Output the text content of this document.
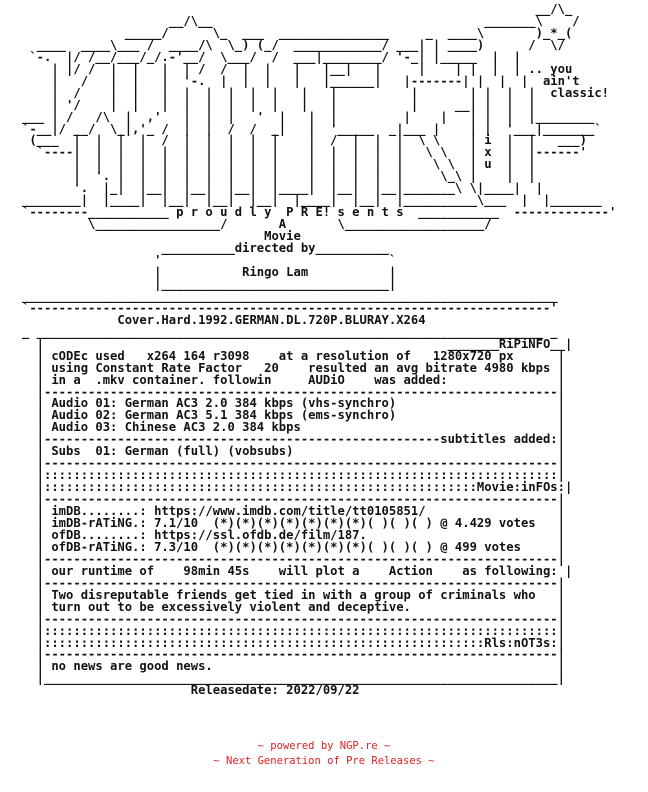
__/\_
__/\__                                     _______\    /
_____/      \_  ___  _______________     _  ____\       )_*_(
____  ____\___ /  ____/\  \_) (_/  ____________/ ___| | ____)      /  \/
`-.  |/ /__/___/_/.-'__/  \___/  /  ___|________/ '-_| |_____  |  |
| |/ /  |  |   |  | /  /  |  |   |   |__|   |     |    | |  |  | .. you
|   /   |  |   |  '-.  |  |  |   |   |______|   |-------| |  |  |  ain't
|  /    |  |   |  |  |  |  |  |   |   |          |       | |  |  |  classic!
| '/    |  |   |  |  |  |  |  |   |   |          |     __| |  |  |
___ | /   /\  |  ,'   |  |  |   '  |   |  |         |    |   | |  |  |________
`-__|/ __/  \_|,'_ /  |  |  /  /  _|   |  '_____  _|___ |    | |  '___|_______`
(___  |  |  |  |  /  |  |  |  |  |    |  /  |  |  |  \ \    | i  |  |   ___)
`----|  |  |  |  |  |  |  |  |  |    |  |  |  |  |   \ \   | x  |  |------'
|  |  |  |  |  |  |  |  |  |    |  |  |  |  |    \ \  | u  |  |
|  '. |  |  |  |  |  |  |  |    |  |  |  |  |     \_\ |    |  |
'.  |_|  |__|  |__|  |__|  |____|  |__|  |__|_______\ \|____|  |
________|  |____|  |__|  |__|  |__|  |____|  |__|  |__________\___  |  |_______
`--------___________ p r o u d l y  P R E! s e n t s  ___________  -------------'
\_________________/       A       \___________________/
Movie
__________directed by__________
'                               `
|           Ringo Lam           |
|_______________________________|
_________________________________________________________________________
`-----------------------------------------------------------------------'
Cover.Hard.1992.GERMAN.DL.720P.BLURAY.X264
_ _____________________________________________________________________ _
|                                                       _______RiPiNFO__|
| cODEc used   x264 164 r3098    at a resolution of   1280x720 px      |
| using Constant Rate Factor   20    resulted an avg bitrate 4980 kbps |
| in a  .mkv container. followin     AUDiO    was added:               |
|----------------------------------------------------------------------|
| Audio 01: German AC3 2.0 384 kbps (vhs-synchro)                      |
| Audio 02: German AC3 5.1 384 kbps (ems-synchro)                      |
| Audio 03: Chinese AC3 2.0 384 kbps                                   |
|------------------------------------------------------subtitles added:|
| Subs  01: German (full) (vobsubs)                                    |
|----------------------------------------------------------------------|
|::::::::::::::::::::::::::::::::::::::::::::::::::::::::::::::::::::::|
|:::::::::::::::::::::::::::::::::::::::::::::::::::::::::::Movie:inFOs:|
|----------------------------------------------------------------------|
| imDB........: https://www.imdb.com/title/tt0105851/                  |
| imDB-rATiNG.: 7.1/10  (*)(*)(*)(*)(*)(*)(*)( )( )( ) @ 4.429 votes   |
| ofDB........: https://ssl.ofdb.de/film/187.                          |
| ofDB-rATiNG.: 7.3/10  (*)(*)(*)(*)(*)(*)(*)( )( )( ) @ 499 votes     |
|----------------------------------------------------------------------|
| our runtime of    98min 45s    will plot a    Action    as following: |
|----------------------------------------------------------------------|
| Two disreputable friends get tied in with a group of criminals who   |
| turn out to be excessively violent and deceptive.                    |
|----------------------------------------------------------------------|
|::::::::::::::::::::::::::::::::::::::::::::::::::::::::::::::::::::::|
|::::::::::::::::::::::::::::::::::::::::::::::::::::::::::::Rls:nOT3s:|
|----------------------------------------------------------------------|
| no news are good news.                                               |
|______________________________________________________________________|
Releasedate: 2022/09/22

~ powered by NGP.re ~
~ Next Generation of Pre Releases ~
